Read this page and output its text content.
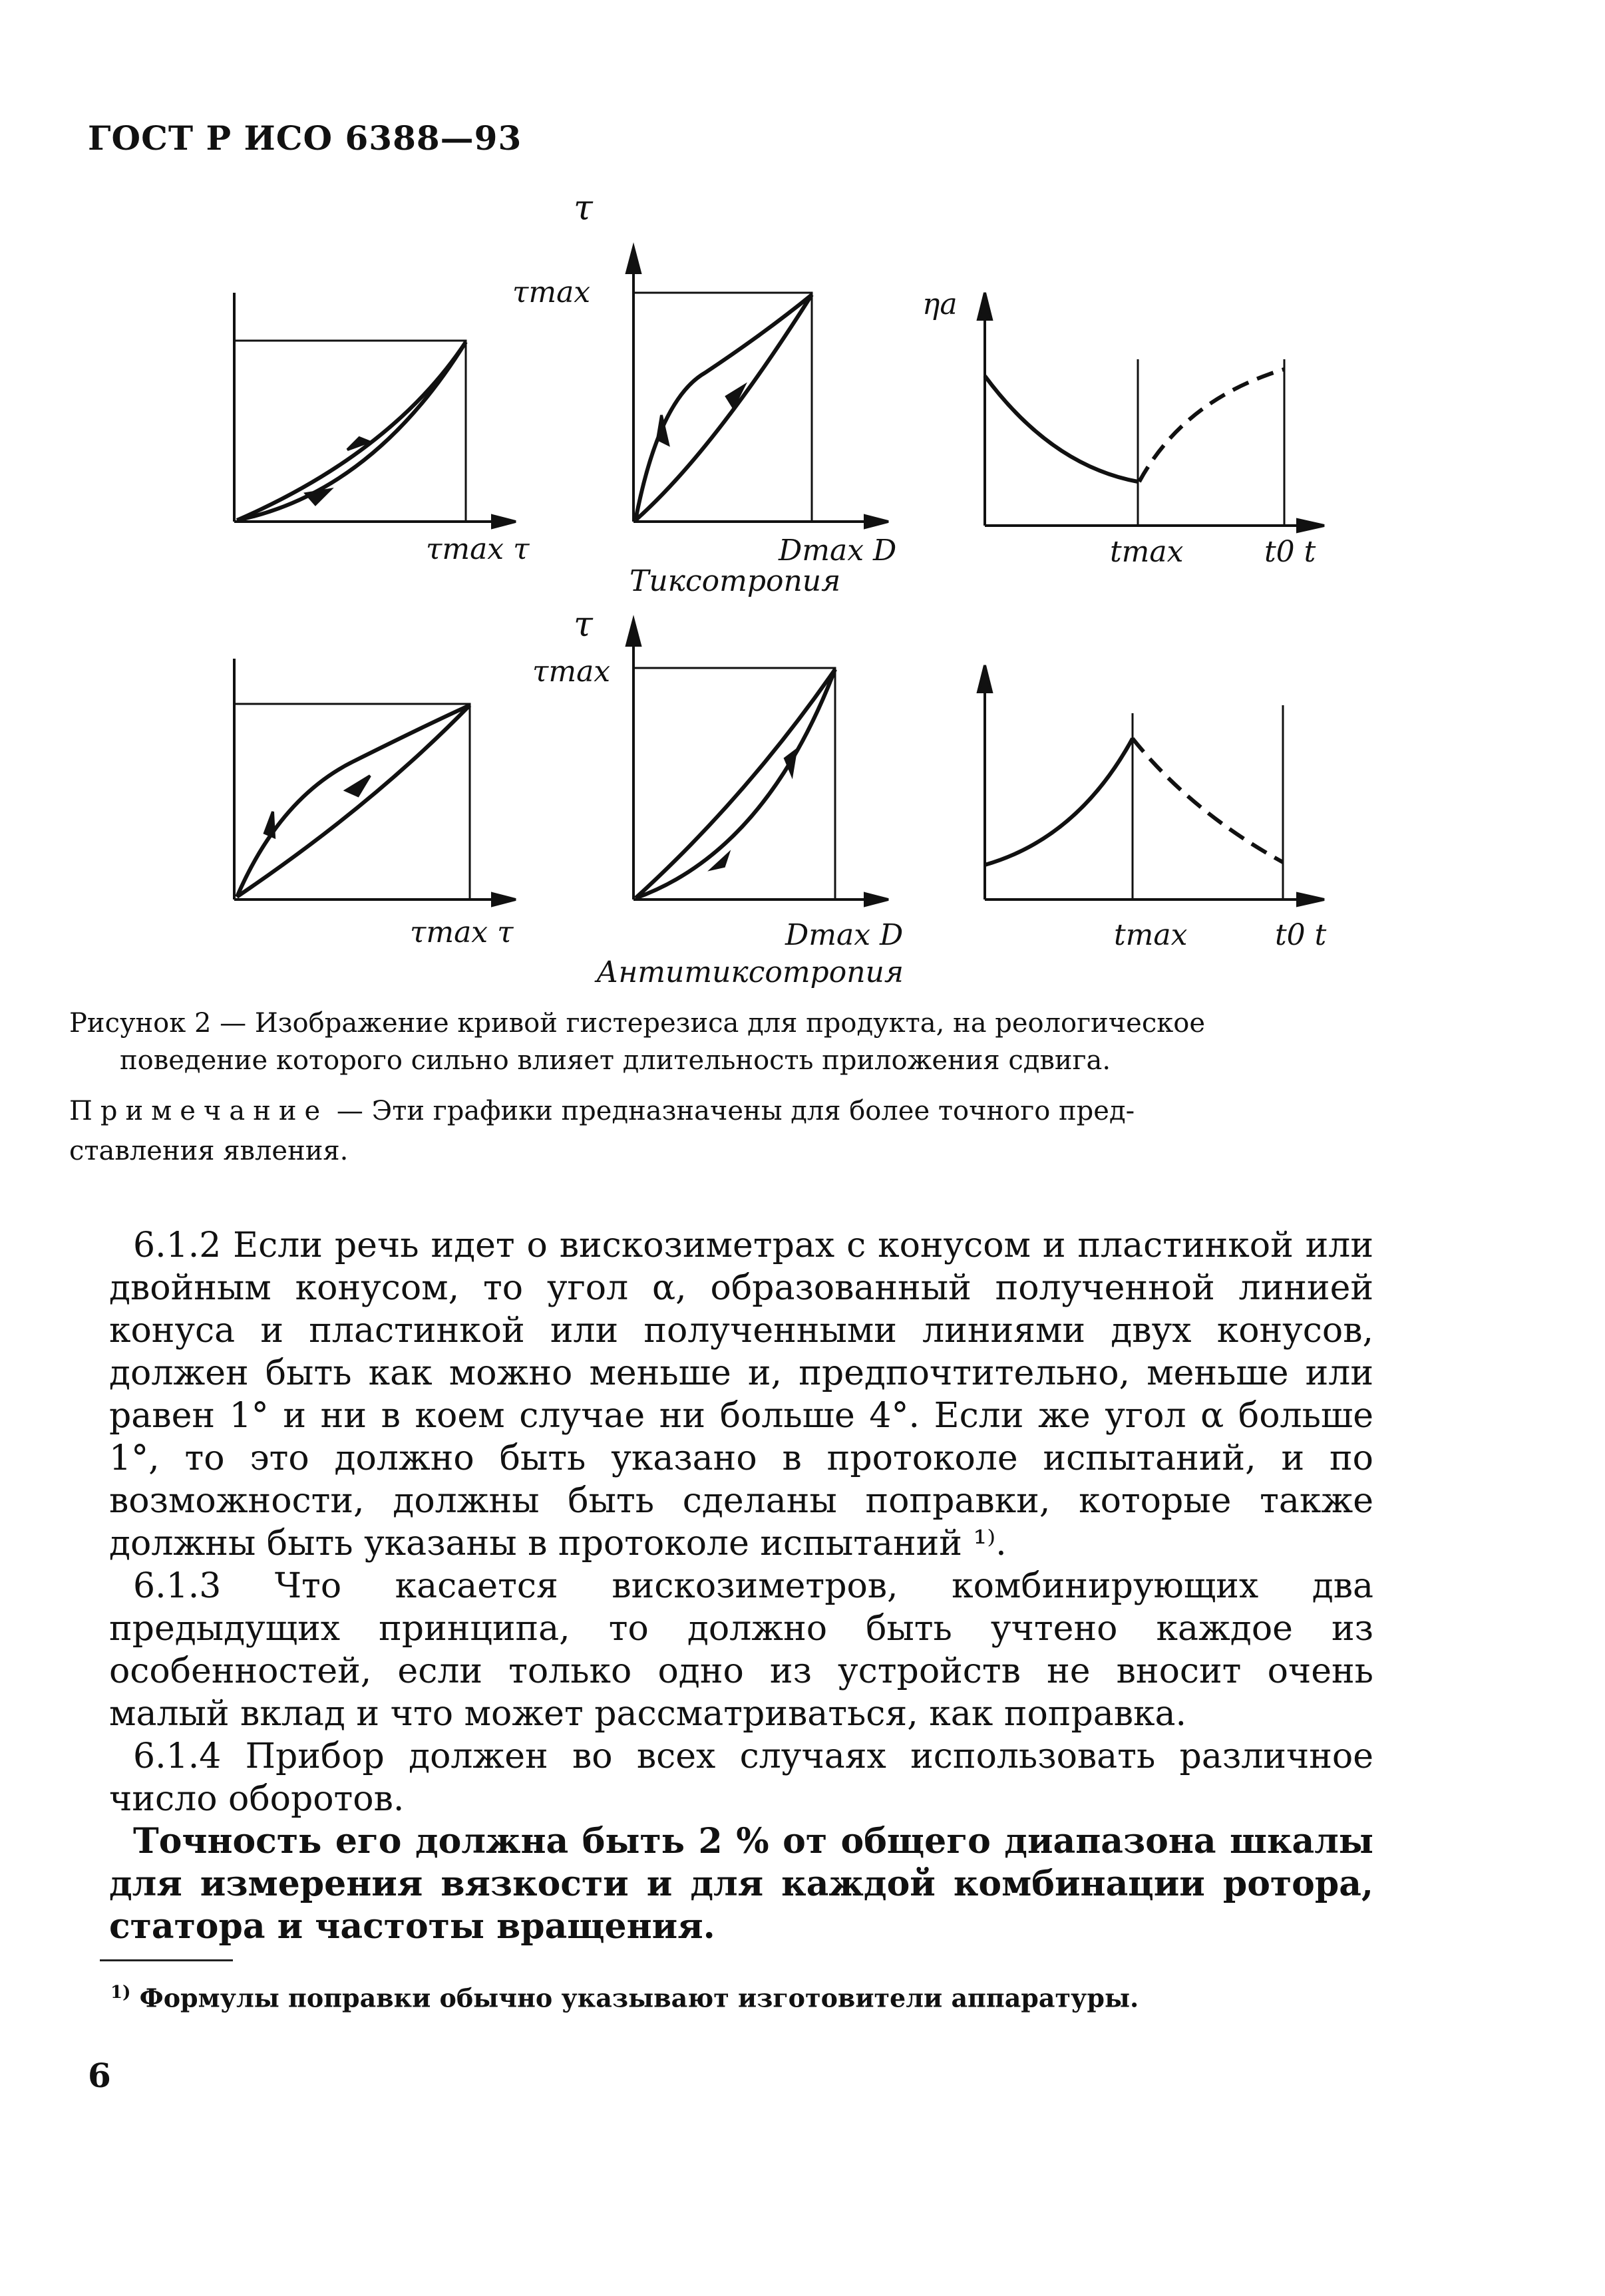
ГОСТ Р ИСО 6388—93
τmax τ
τ
τmax
Dmax D
ηa
tmax	t0 t
Тиксотропия
τmax τ
τ
τmax
Dmax D	tmax	t0 t
Антитиксотропия
Рисунок 2 — Изображение кривой гистерезиса для продукта, на реологическое
поведение которого сильно влияет длительность приложения сдвига.
Примечание — Эти графики предназначены для более точного пред-
ставления явления.

6.1.2 Если речь идет о вискозиметрах с конусом и пластинкой или двойным конусом, то угол α, образованный полученной линией конуса и пластинкой или полученными линиями двух конусов, должен быть как можно меньше и, предпочтительно, меньше или равен 1° и ни в коем случае ни больше 4°. Если же угол α больше 1°, то это должно быть указано в протоколе испытаний, и по возможности, должны быть сделаны поправки, которые также должны быть указаны в протоколе испытаний ¹⁾.

6.1.3 Что касается вискозиметров, комбинирующих два предыдущих принципа, то должно быть учтено каждое из особенностей, если только одно из устройств не вносит очень малый вклад и что может рассматриваться, как поправка.

6.1.4 Прибор должен во всех случаях использовать различное число оборотов.

Точность его должна быть 2 % от общего диапазона шкалы для измерения вязкости и для каждой комбинации ротора, статора и частоты вращения.

$^{1)}$ Формулы поправки обычно указывают изготовители аппаратуры.
6
